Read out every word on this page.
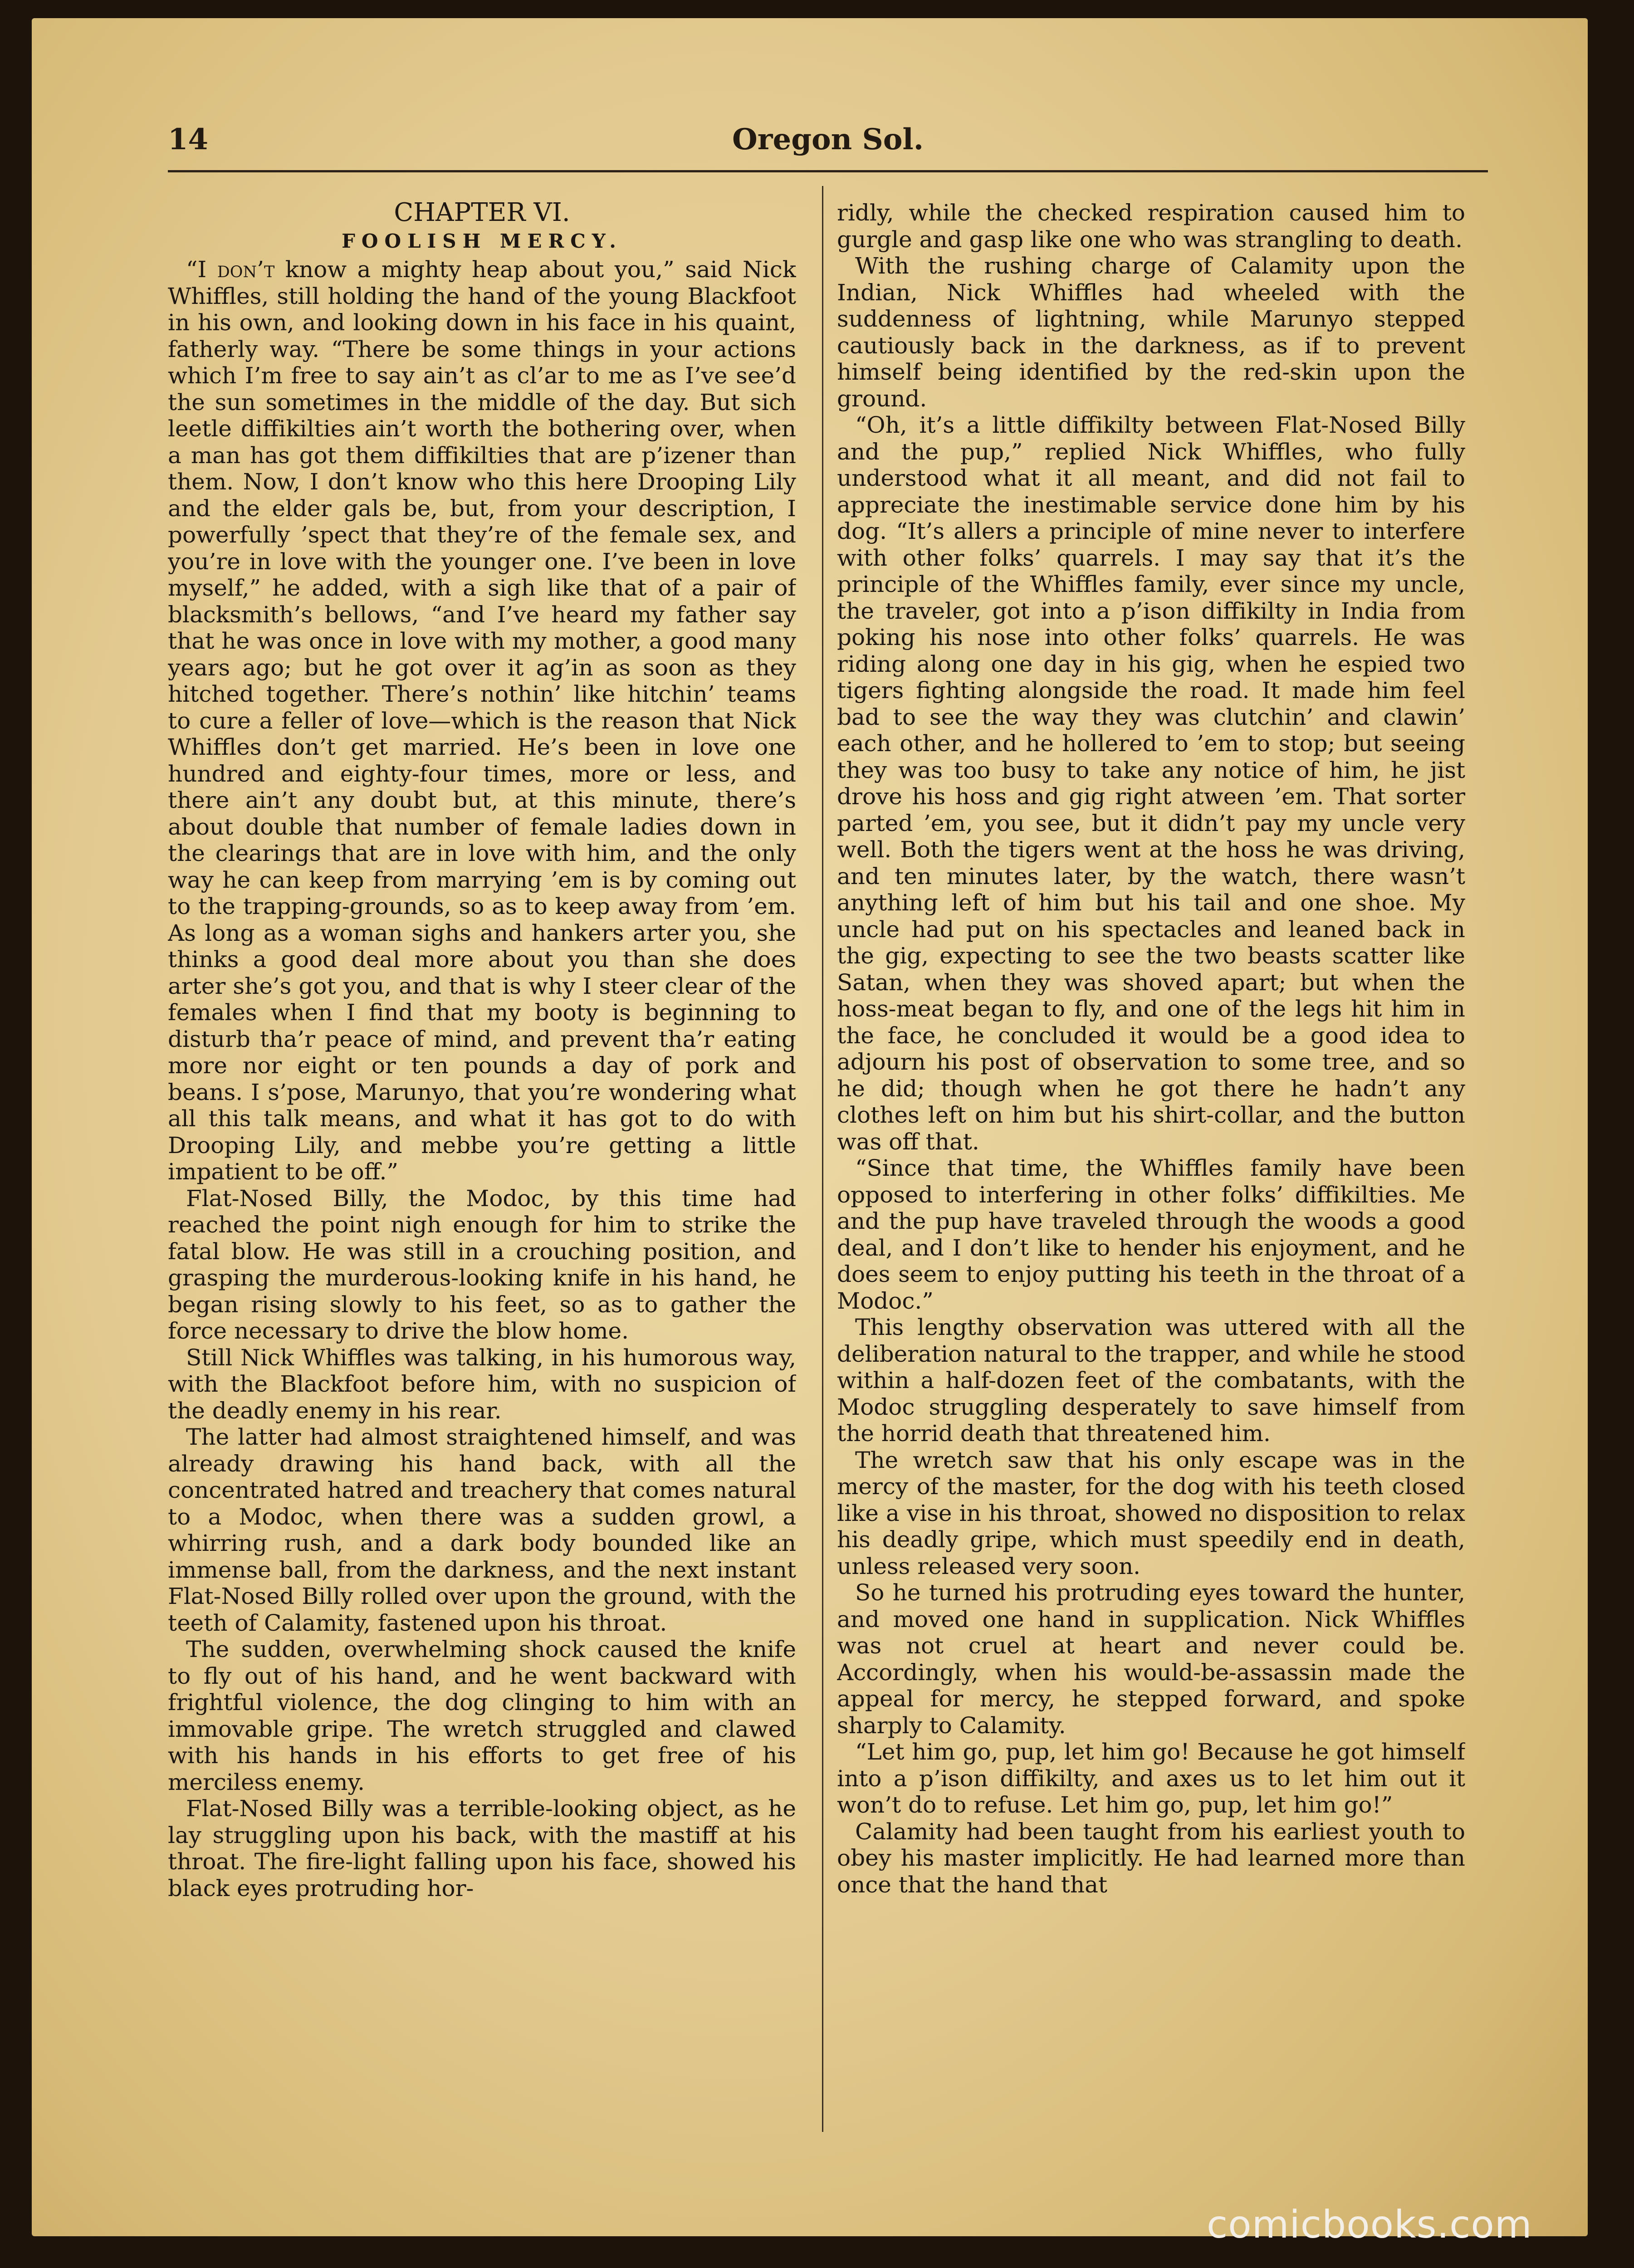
14	Oregon Sol.
CHAPTER VI.
FOOLISH MERCY.

“I don’t know a mighty heap about you,” said Nick Whiffles, still holding the hand of the young Blackfoot in his own, and looking down in his face in his quaint, fatherly way. “There be some things in your actions which I’m free to say ain’t as cl’ar to me as I’ve see’d the sun sometimes in the middle of the day. But sich leetle diffikilties ain’t worth the bothering over, when a man has got them diffikilties that are p’izener than them. Now, I don’t know who this here Drooping Lily and the elder gals be, but, from your description, I powerfully ’spect that they’re of the female sex, and you’re in love with the younger one. I’ve been in love myself,” he added, with a sigh like that of a pair of blacksmith’s bellows, “and I’ve heard my father say that he was once in love with my mother, a good many years ago; but he got over it ag’in as soon as they hitched together. There’s nothin’ like hitchin’ teams to cure a feller of love—which is the reason that Nick Whiffles don’t get married. He’s been in love one hundred and eighty-four times, more or less, and there ain’t any doubt but, at this minute, there’s about double that number of female ladies down in the clearings that are in love with him, and the only way he can keep from marrying ’em is by coming out to the trapping-grounds, so as to keep away from ’em. As long as a woman sighs and hankers arter you, she thinks a good deal more about you than she does arter she’s got you, and that is why I steer clear of the females when I find that my booty is beginning to disturb tha’r peace of mind, and prevent tha’r eating more nor eight or ten pounds a day of pork and beans. I s’pose, Marunyo, that you’re wondering what all this talk means, and what it has got to do with Drooping Lily, and mebbe you’re getting a little impatient to be off.”

Flat-Nosed Billy, the Modoc, by this time had reached the point nigh enough for him to strike the fatal blow. He was still in a crouching position, and grasping the murderous-looking knife in his hand, he began rising slowly to his feet, so as to gather the force necessary to drive the blow home.

Still Nick Whiffles was talking, in his humorous way, with the Blackfoot before him, with no suspicion of the deadly enemy in his rear.

The latter had almost straightened himself, and was already drawing his hand back, with all the concentrated hatred and treachery that comes natural to a Modoc, when there was a sudden growl, a whirring rush, and a dark body bounded like an immense ball, from the darkness, and the next instant Flat-Nosed Billy rolled over upon the ground, with the teeth of Calamity, fastened upon his throat.

The sudden, overwhelming shock caused the knife to fly out of his hand, and he went backward with frightful violence, the dog clinging to him with an immovable gripe. The wretch struggled and clawed with his hands in his efforts to get free of his merciless enemy.

Flat-Nosed Billy was a terrible-looking object, as he lay struggling upon his back, with the mastiff at his throat. The fire-light falling upon his face, showed his black eyes protruding hor-

ridly, while the checked respiration caused him to gurgle and gasp like one who was strangling to death.

With the rushing charge of Calamity upon the Indian, Nick Whiffles had wheeled with the suddenness of lightning, while Marunyo stepped cautiously back in the darkness, as if to prevent himself being identified by the red-skin upon the ground.

“Oh, it’s a little diffikilty between Flat-Nosed Billy and the pup,” replied Nick Whiffles, who fully understood what it all meant, and did not fail to appreciate the inestimable service done him by his dog. “It’s allers a principle of mine never to interfere with other folks’ quarrels. I may say that it’s the principle of the Whiffles family, ever since my uncle, the traveler, got into a p’ison diffikilty in India from poking his nose into other folks’ quarrels. He was riding along one day in his gig, when he espied two tigers fighting alongside the road. It made him feel bad to see the way they was clutchin’ and clawin’ each other, and he hollered to ’em to stop; but seeing they was too busy to take any notice of him, he jist drove his hoss and gig right atween ’em. That sorter parted ’em, you see, but it didn’t pay my uncle very well. Both the tigers went at the hoss he was driving, and ten minutes later, by the watch, there wasn’t anything left of him but his tail and one shoe. My uncle had put on his spectacles and leaned back in the gig, expecting to see the two beasts scatter like Satan, when they was shoved apart; but when the hoss-meat began to fly, and one of the legs hit him in the face, he concluded it would be a good idea to adjourn his post of observation to some tree, and so he did; though when he got there he hadn’t any clothes left on him but his shirt-collar, and the button was off that.

“Since that time, the Whiffles family have been opposed to interfering in other folks’ diffikilties. Me and the pup have traveled through the woods a good deal, and I don’t like to hender his enjoyment, and he does seem to enjoy putting his teeth in the throat of a Modoc.”

This lengthy observation was uttered with all the deliberation natural to the trapper, and while he stood within a half-dozen feet of the combatants, with the Modoc struggling desperately to save himself from the horrid death that threatened him.

The wretch saw that his only escape was in the mercy of the master, for the dog with his teeth closed like a vise in his throat, showed no disposition to relax his deadly gripe, which must speedily end in death, unless released very soon.

So he turned his protruding eyes toward the hunter, and moved one hand in supplication. Nick Whiffles was not cruel at heart and never could be. Accordingly, when his would-be-assassin made the appeal for mercy, he stepped forward, and spoke sharply to Calamity.

“Let him go, pup, let him go! Because he got himself into a p’ison diffikilty, and axes us to let him out it won’t do to refuse. Let him go, pup, let him go!”

Calamity had been taught from his earliest youth to obey his master implicitly. He had learned more than once that the hand that

comicbooks.com
